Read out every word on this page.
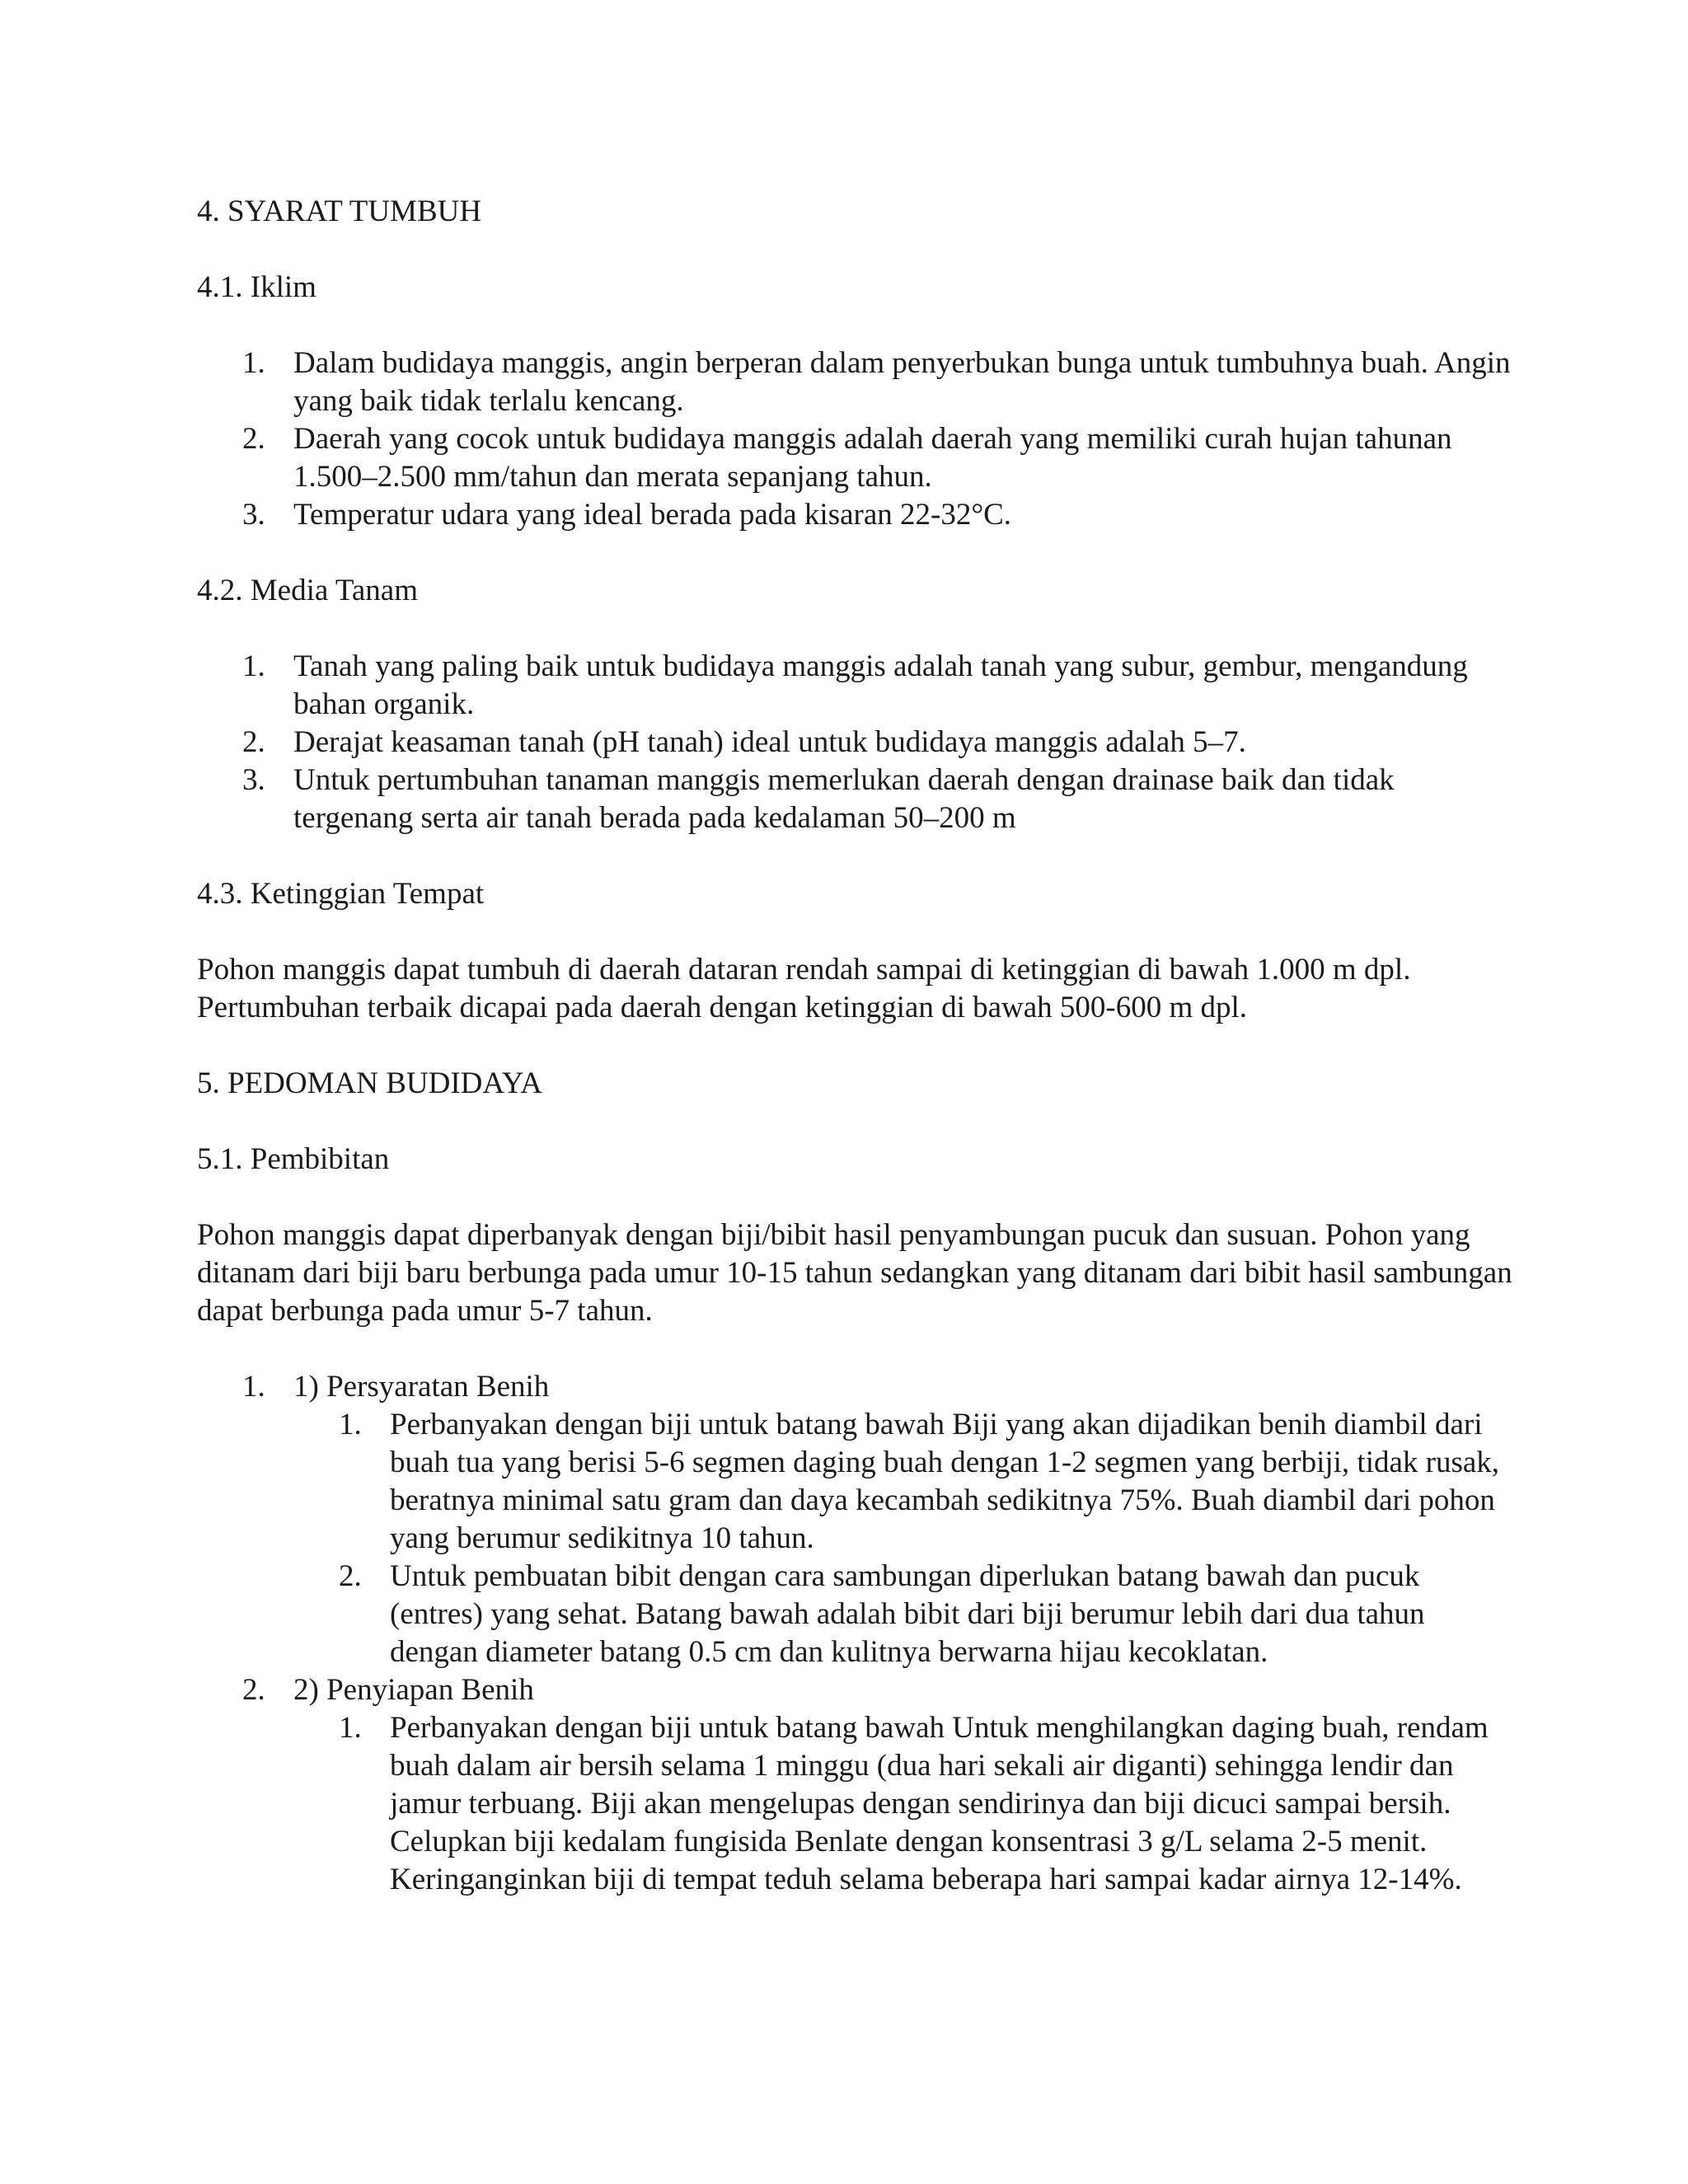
4. SYARAT TUMBUH

4.1. Iklim

1. Dalam budidaya manggis, angin berperan dalam penyerbukan bunga untuk tumbuhnya buah. Angin yang baik tidak terlalu kencang.
2. Daerah yang cocok untuk budidaya manggis adalah daerah yang memiliki curah hujan tahunan 1.500–2.500 mm/tahun dan merata sepanjang tahun.
3. Temperatur udara yang ideal berada pada kisaran 22-32°C.

4.2. Media Tanam

1. Tanah yang paling baik untuk budidaya manggis adalah tanah yang subur, gembur, mengandung bahan organik.
2. Derajat keasaman tanah (pH tanah) ideal untuk budidaya manggis adalah 5–7.
3. Untuk pertumbuhan tanaman manggis memerlukan daerah dengan drainase baik dan tidak tergenang serta air tanah berada pada kedalaman 50–200 m

4.3. Ketinggian Tempat

Pohon manggis dapat tumbuh di daerah dataran rendah sampai di ketinggian di bawah 1.000 m dpl. Pertumbuhan terbaik dicapai pada daerah dengan ketinggian di bawah 500-600 m dpl.

5. PEDOMAN BUDIDAYA

5.1. Pembibitan

Pohon manggis dapat diperbanyak dengan biji/bibit hasil penyambungan pucuk dan susuan. Pohon yang ditanam dari biji baru berbunga pada umur 10-15 tahun sedangkan yang ditanam dari bibit hasil sambungan dapat berbunga pada umur 5-7 tahun.

1. 1) Persyaratan Benih
1. Perbanyakan dengan biji untuk batang bawah Biji yang akan dijadikan benih diambil dari buah tua yang berisi 5-6 segmen daging buah dengan 1-2 segmen yang berbiji, tidak rusak, beratnya minimal satu gram dan daya kecambah sedikitnya 75%. Buah diambil dari pohon yang berumur sedikitnya 10 tahun.
2. Untuk pembuatan bibit dengan cara sambungan diperlukan batang bawah dan pucuk (entres) yang sehat. Batang bawah adalah bibit dari biji berumur lebih dari dua tahun dengan diameter batang 0.5 cm dan kulitnya berwarna hijau kecoklatan.
2. 2) Penyiapan Benih
1. Perbanyakan dengan biji untuk batang bawah Untuk menghilangkan daging buah, rendam buah dalam air bersih selama 1 minggu (dua hari sekali air diganti) sehingga lendir dan jamur terbuang. Biji akan mengelupas dengan sendirinya dan biji dicuci sampai bersih. Celupkan biji kedalam fungisida Benlate dengan konsentrasi 3 g/L selama 2-5 menit. Keringanginkan biji di tempat teduh selama beberapa hari sampai kadar airnya 12-14%.
